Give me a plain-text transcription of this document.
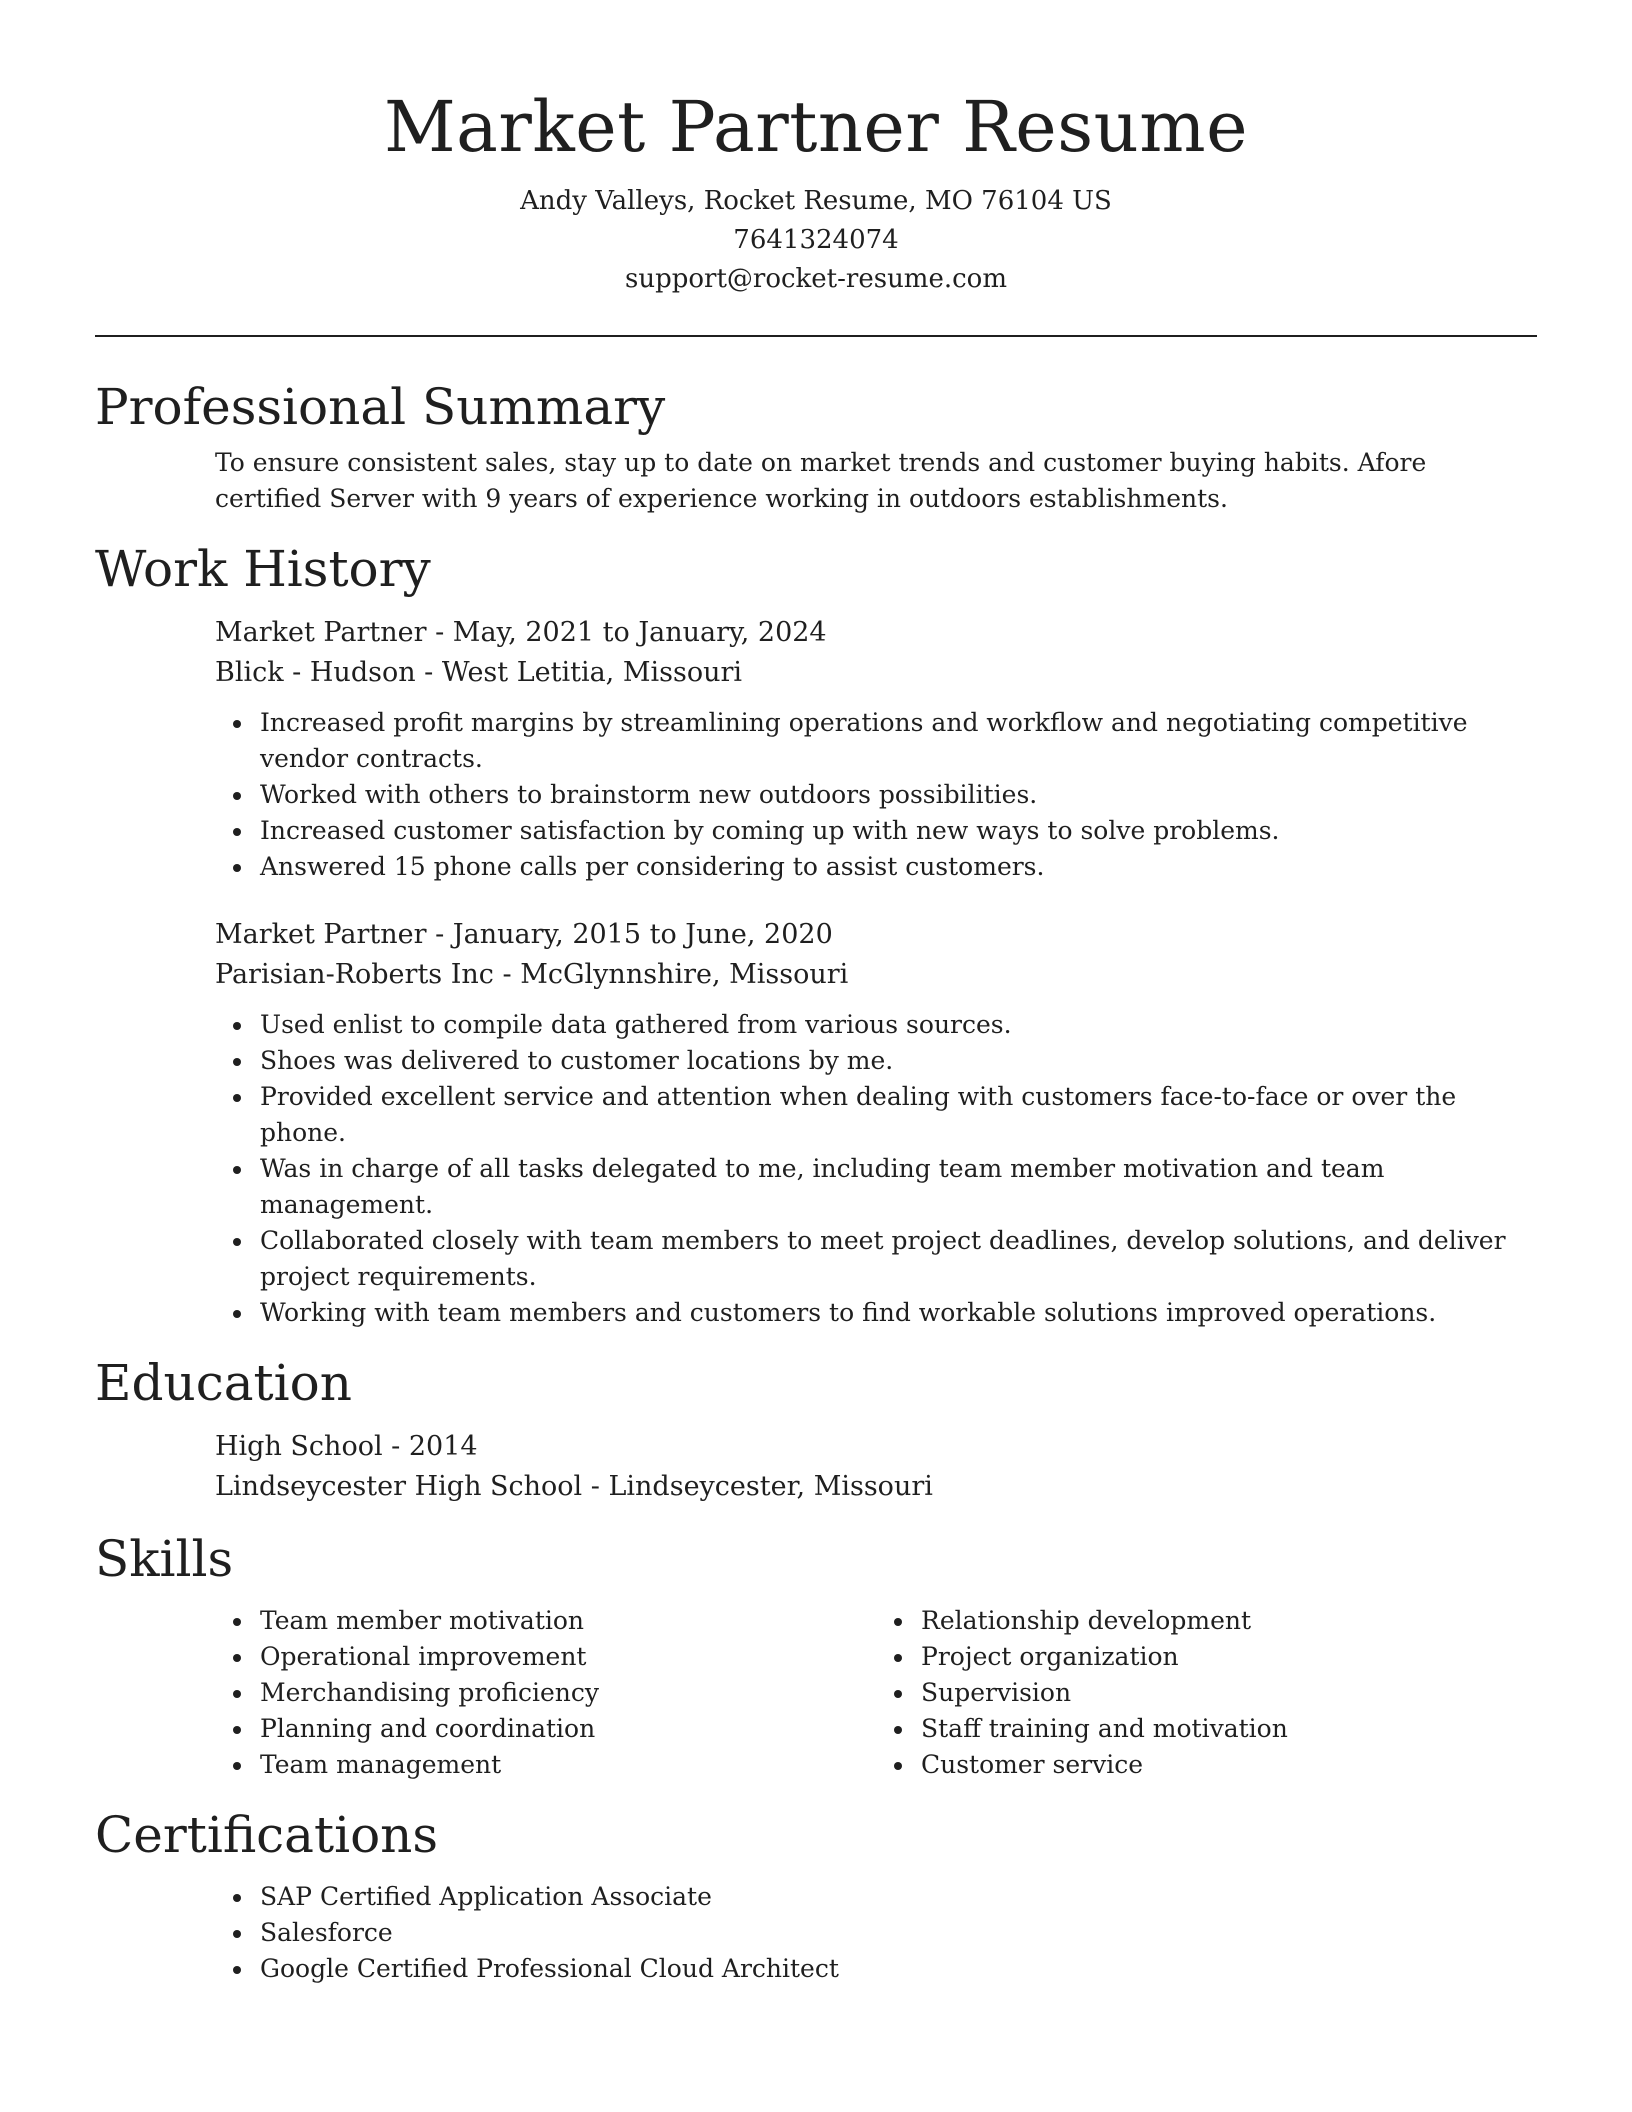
Market Partner Resume
Andy Valleys, Rocket Resume, MO 76104 US
7641324074
support@rocket-resume.com
Professional Summary

To ensure consistent sales, stay up to date on market trends and customer buying habits. Afore certified Server with 9 years of experience working in outdoors establishments.

Work History

Market Partner - May, 2021 to January, 2024

Blick - Hudson - West Letitia, Missouri

Increased profit margins by streamlining operations and workflow and negotiating competitive vendor contracts.
Worked with others to brainstorm new outdoors possibilities.
Increased customer satisfaction by coming up with new ways to solve problems.
Answered 15 phone calls per considering to assist customers.

Market Partner - January, 2015 to June, 2020

Parisian-Roberts Inc - McGlynnshire, Missouri

Used enlist to compile data gathered from various sources.
Shoes was delivered to customer locations by me.
Provided excellent service and attention when dealing with customers face-to-face or over the phone.
Was in charge of all tasks delegated to me, including team member motivation and team management.
Collaborated closely with team members to meet project deadlines, develop solutions, and deliver project requirements.
Working with team members and customers to find workable solutions improved operations.
Education

High School - 2014

Lindseycester High School - Lindseycester, Missouri

Skills
Team member motivation
Operational improvement
Merchandising proficiency
Planning and coordination
Team management
Relationship development
Project organization
Supervision
Staff training and motivation
Customer service
Certifications
SAP Certified Application Associate
Salesforce
Google Certified Professional Cloud Architect
